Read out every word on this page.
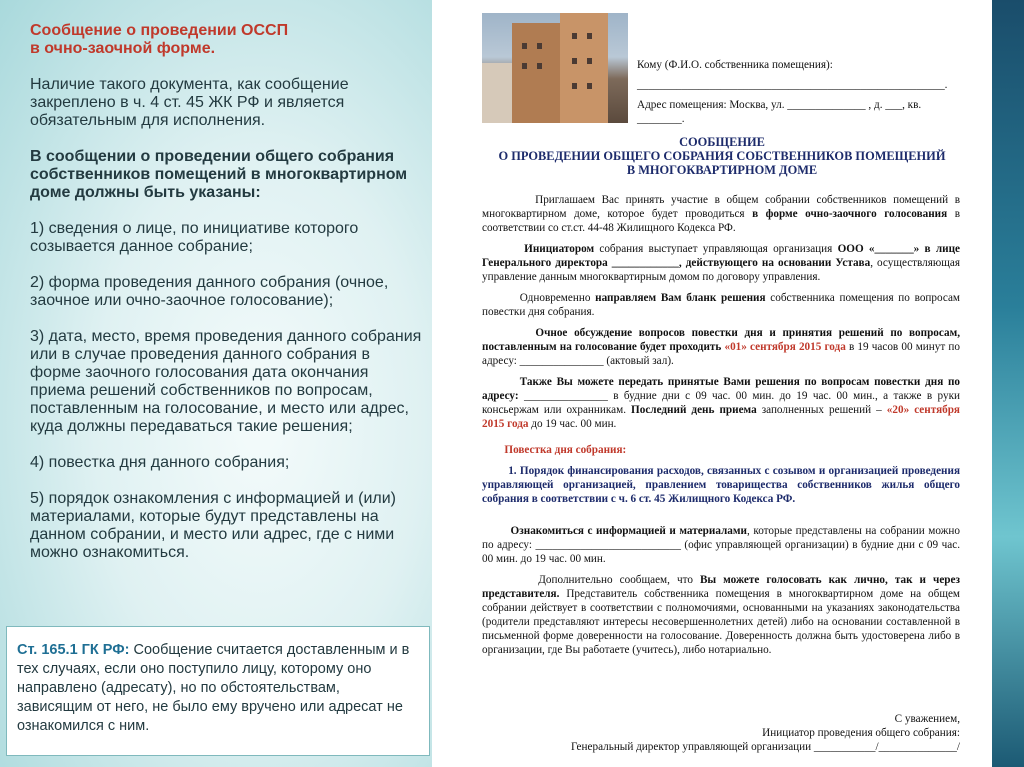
Сообщение о проведении ОССП
в очно-заочной форме.

Наличие такого документа, как сообщение закреплено в ч. 4 ст. 45 ЖК РФ и является обязательным для исполнения.

В сообщении о проведении общего собрания собственников помещений в многоквартирном доме должны быть указаны:

1) сведения о лице, по инициативе которого созывается данное собрание;

2) форма проведения данного собрания (очное, заочное или очно-заочное голосование);

3) дата, место, время проведения данного собрания или в случае проведения данного собрания в форме заочного голосования дата окончания приема решений собственников по вопросам, поставленным на голосование, и место или адрес, куда должны передаваться такие решения;

4) повестка дня данного собрания;

5) порядок ознакомления с информацией и (или) материалами, которые будут представлены на данном собрании, и место или адрес, где с ними можно ознакомиться.

Ст. 165.1 ГК РФ: Сообщение считается доставленным и в тех случаях, если оно поступило лицу, которому оно направлено (адресату), но по обстоятельствам, зависящим от него, не было ему вручено или адресат не ознакомился с ним.
Кому (Ф.И.О. собственника помещения):
_______________________________________________________.
Адрес помещения: Москва, ул. ______________ , д. ___, кв. ________.
СООБЩЕНИЕ
О ПРОВЕДЕНИИ ОБЩЕГО СОБРАНИЯ СОБСТВЕННИКОВ ПОМЕЩЕНИЙ
В МНОГОКВАРТИРНОМ ДОМЕ

Приглашаем Вас принять участие в общем собрании собственников помещений в многоквартирном доме, которое будет проводиться в форме очно-заочного голосования в соответствии со ст.ст. 44-48 Жилищного Кодекса РФ.

Инициатором собрания выступает управляющая организация ООО «_______» в лице Генерального директора ____________, действующего на основании Устава, осуществляющая управление данным многоквартирным домом по договору управления.

Одновременно направляем Вам бланк решения собственника помещения по вопросам повестки дня собрания.

Очное обсуждение вопросов повестки дня и принятия решений по вопросам, поставленным на голосование будет проходить «01» сентября 2015 года в 19 часов 00 минут по адресу: _______________ (актовый зал).

Также Вы можете передать принятые Вами решения по вопросам повестки дня по адресу: _______________ в будние дни с 09 час. 00 мин. до 19 час. 00 мин., а также в руки консьержам или охранникам. Последний день приема заполненных решений – «20» сентября 2015 года до 19 час. 00 мин.

Повестка дня собрания:

1. Порядок финансирования расходов, связанных с созывом и организацией проведения управляющей организацией, правлением товарищества собственников жилья общего собрания в соответствии с ч. 6 ст. 45 Жилищного Кодекса РФ.

Ознакомиться с информацией и материалами, которые представлены на собрании можно по адресу: __________________________ (офис управляющей организации) в будние дни с 09 час. 00 мин. до 19 час. 00 мин.

Дополнительно сообщаем, что Вы можете голосовать как лично, так и через представителя. Представитель собственника помещения в многоквартирном доме на общем собрании действует в соответствии с полномочиями, основанными на указаниях законодательства (родители представляют интересы несовершеннолетних детей) либо на основании составленной в письменной форме доверенности на голосование. Доверенность должна быть удостоверена либо в организации, где Вы работаете (учитесь), либо нотариально.

С уважением,
Инициатор проведения общего собрания:
Генеральный директор управляющей организации ___________/______________/
